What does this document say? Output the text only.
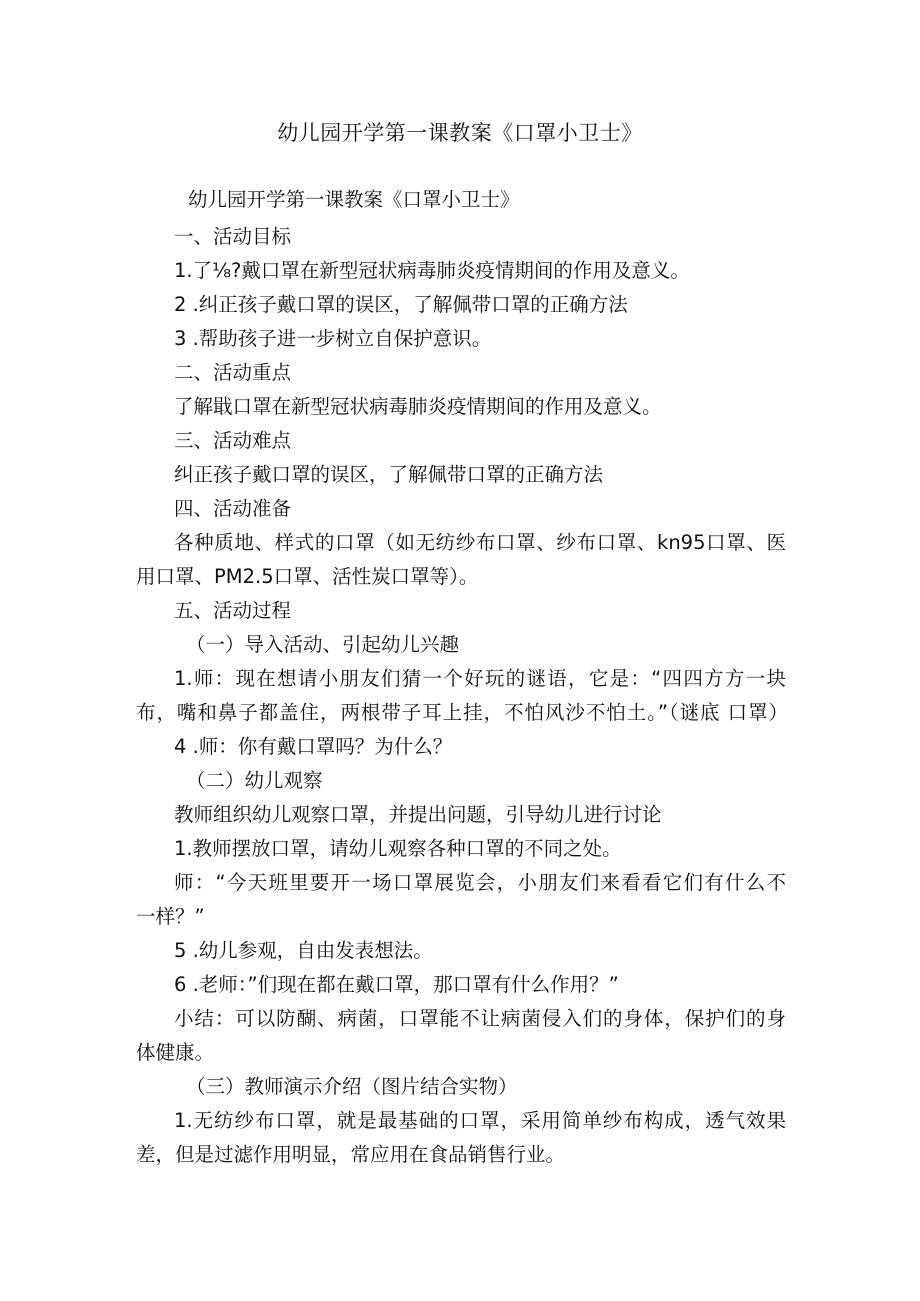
幼儿园开学第一课教案《口罩小卫士》
幼儿园开学第一课教案《口罩小卫士》
一、活动目标
1.了⅛?戴口罩在新型冠状病毒肺炎疫情期间的作用及意义。
2 .纠正孩子戴口罩的误区，了解佩带口罩的正确方法
3 .帮助孩子进一步树立自保护意识。
二、活动重点
了解戢口罩在新型冠状病毒肺炎疫情期间的作用及意义。
三、活动难点
纠正孩子戴口罩的误区，了解佩带口罩的正确方法
四、活动准备
各种质地、样式的口罩（如无纺纱布口罩、纱布口罩、kn95口罩、医
用口罩、PM2.5口罩、活性炭口罩等）。
五、活动过程
（一）导入活动、引起幼儿兴趣
1.师：现在想请小朋友们猜一个好玩的谜语，它是：“四四方方一块
布，嘴和鼻子都盖住，两根带子耳上挂，不怕风沙不怕土。”（谜底 口罩）
4 .师：你有戴口罩吗？为什么？
（二）幼儿观察
教师组织幼儿观察口罩，并提出问题，引导幼儿进行讨论
1.教师摆放口罩，请幼儿观察各种口罩的不同之处。
师：“今天班里要开一场口罩展览会，小朋友们来看看它们有什么不
一样？”
5 .幼儿参观，自由发表想法。
6 .老师：”们现在都在戴口罩，那口罩有什么作用？”
小结：可以防醐、病菌，口罩能不让病菌侵入们的身体，保护们的身
体健康。
（三）教师演示介绍（图片结合实物）
1.无纺纱布口罩，就是最基础的口罩，采用简单纱布构成，透气效果
差，但是过滤作用明显，常应用在食品销售行业。
